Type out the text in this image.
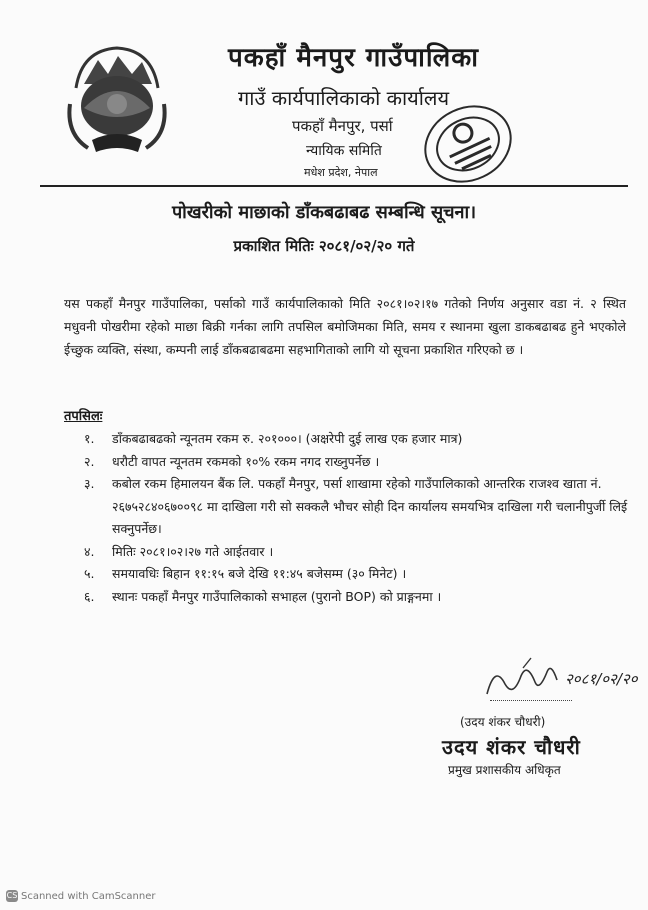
पकहाँ मैनपुर गाउँपालिका
गाउँ कार्यपालिकाको कार्यालय
पकहाँ मैनपुर, पर्सा
न्यायिक समिति
मधेश प्रदेश, नेपाल
पोखरीको माछाको डाँकबढाबढ सम्बन्धि सूचना।
प्रकाशित मितिः २०८१/०२/२० गते
यस पकहाँ मैनपुर गाउँपालिका, पर्साको गाउँ कार्यपालिकाको मिति २०८१।०२।१७ गतेको निर्णय अनुसार वडा नं. २ स्थित मधुवनी पोखरीमा रहेको माछा बिक्री गर्नका लागि तपसिल बमोजिमका मिति, समय र स्थानमा खुला डाकबढाबढ हुने भएकोले ईच्छुक व्यक्ति, संस्था, कम्पनी लाई डाँकबढाबढमा सहभागिताको लागि यो सूचना प्रकाशित गरिएको छ ।
तपसिलः
१. डाँकबढाबढको न्यूनतम रकम रु. २०१०००। (अक्षरेपी दुई लाख एक हजार मात्र)
२. धरौटी वापत न्यूनतम रकमको १०% रकम नगद राख्नुपर्नेछ ।
३. कबोल रकम हिमालयन बैंक लि. पकहाँ मैनपुर, पर्सा शाखामा रहेको गाउँपालिकाको आन्तरिक राजश्व खाता नं. २६७५२८४०६७००९८ मा दाखिला गरी सो सक्कलै भौचर सोही दिन कार्यालय समयभित्र दाखिला गरी चलानीपुर्जी लिई सक्नुपर्नेछ।
४. मितिः २०८१।०२।२७ गते आईतवार ।
५. समयावधिः बिहान ११:१५ बजे देखि ११:४५ बजेसम्म (३० मिनेट) ।
६. स्थानः पकहाँ मैनपुर गाउँपालिकाको सभाहल (पुरानो BOP) को प्राङ्गनमा ।
२०८१/०२/२०
(उदय शंकर चौधरी)
उदय शंकर चौधरी
प्रमुख प्रशासकीय अधिकृत
CS Scanned with CamScanner
